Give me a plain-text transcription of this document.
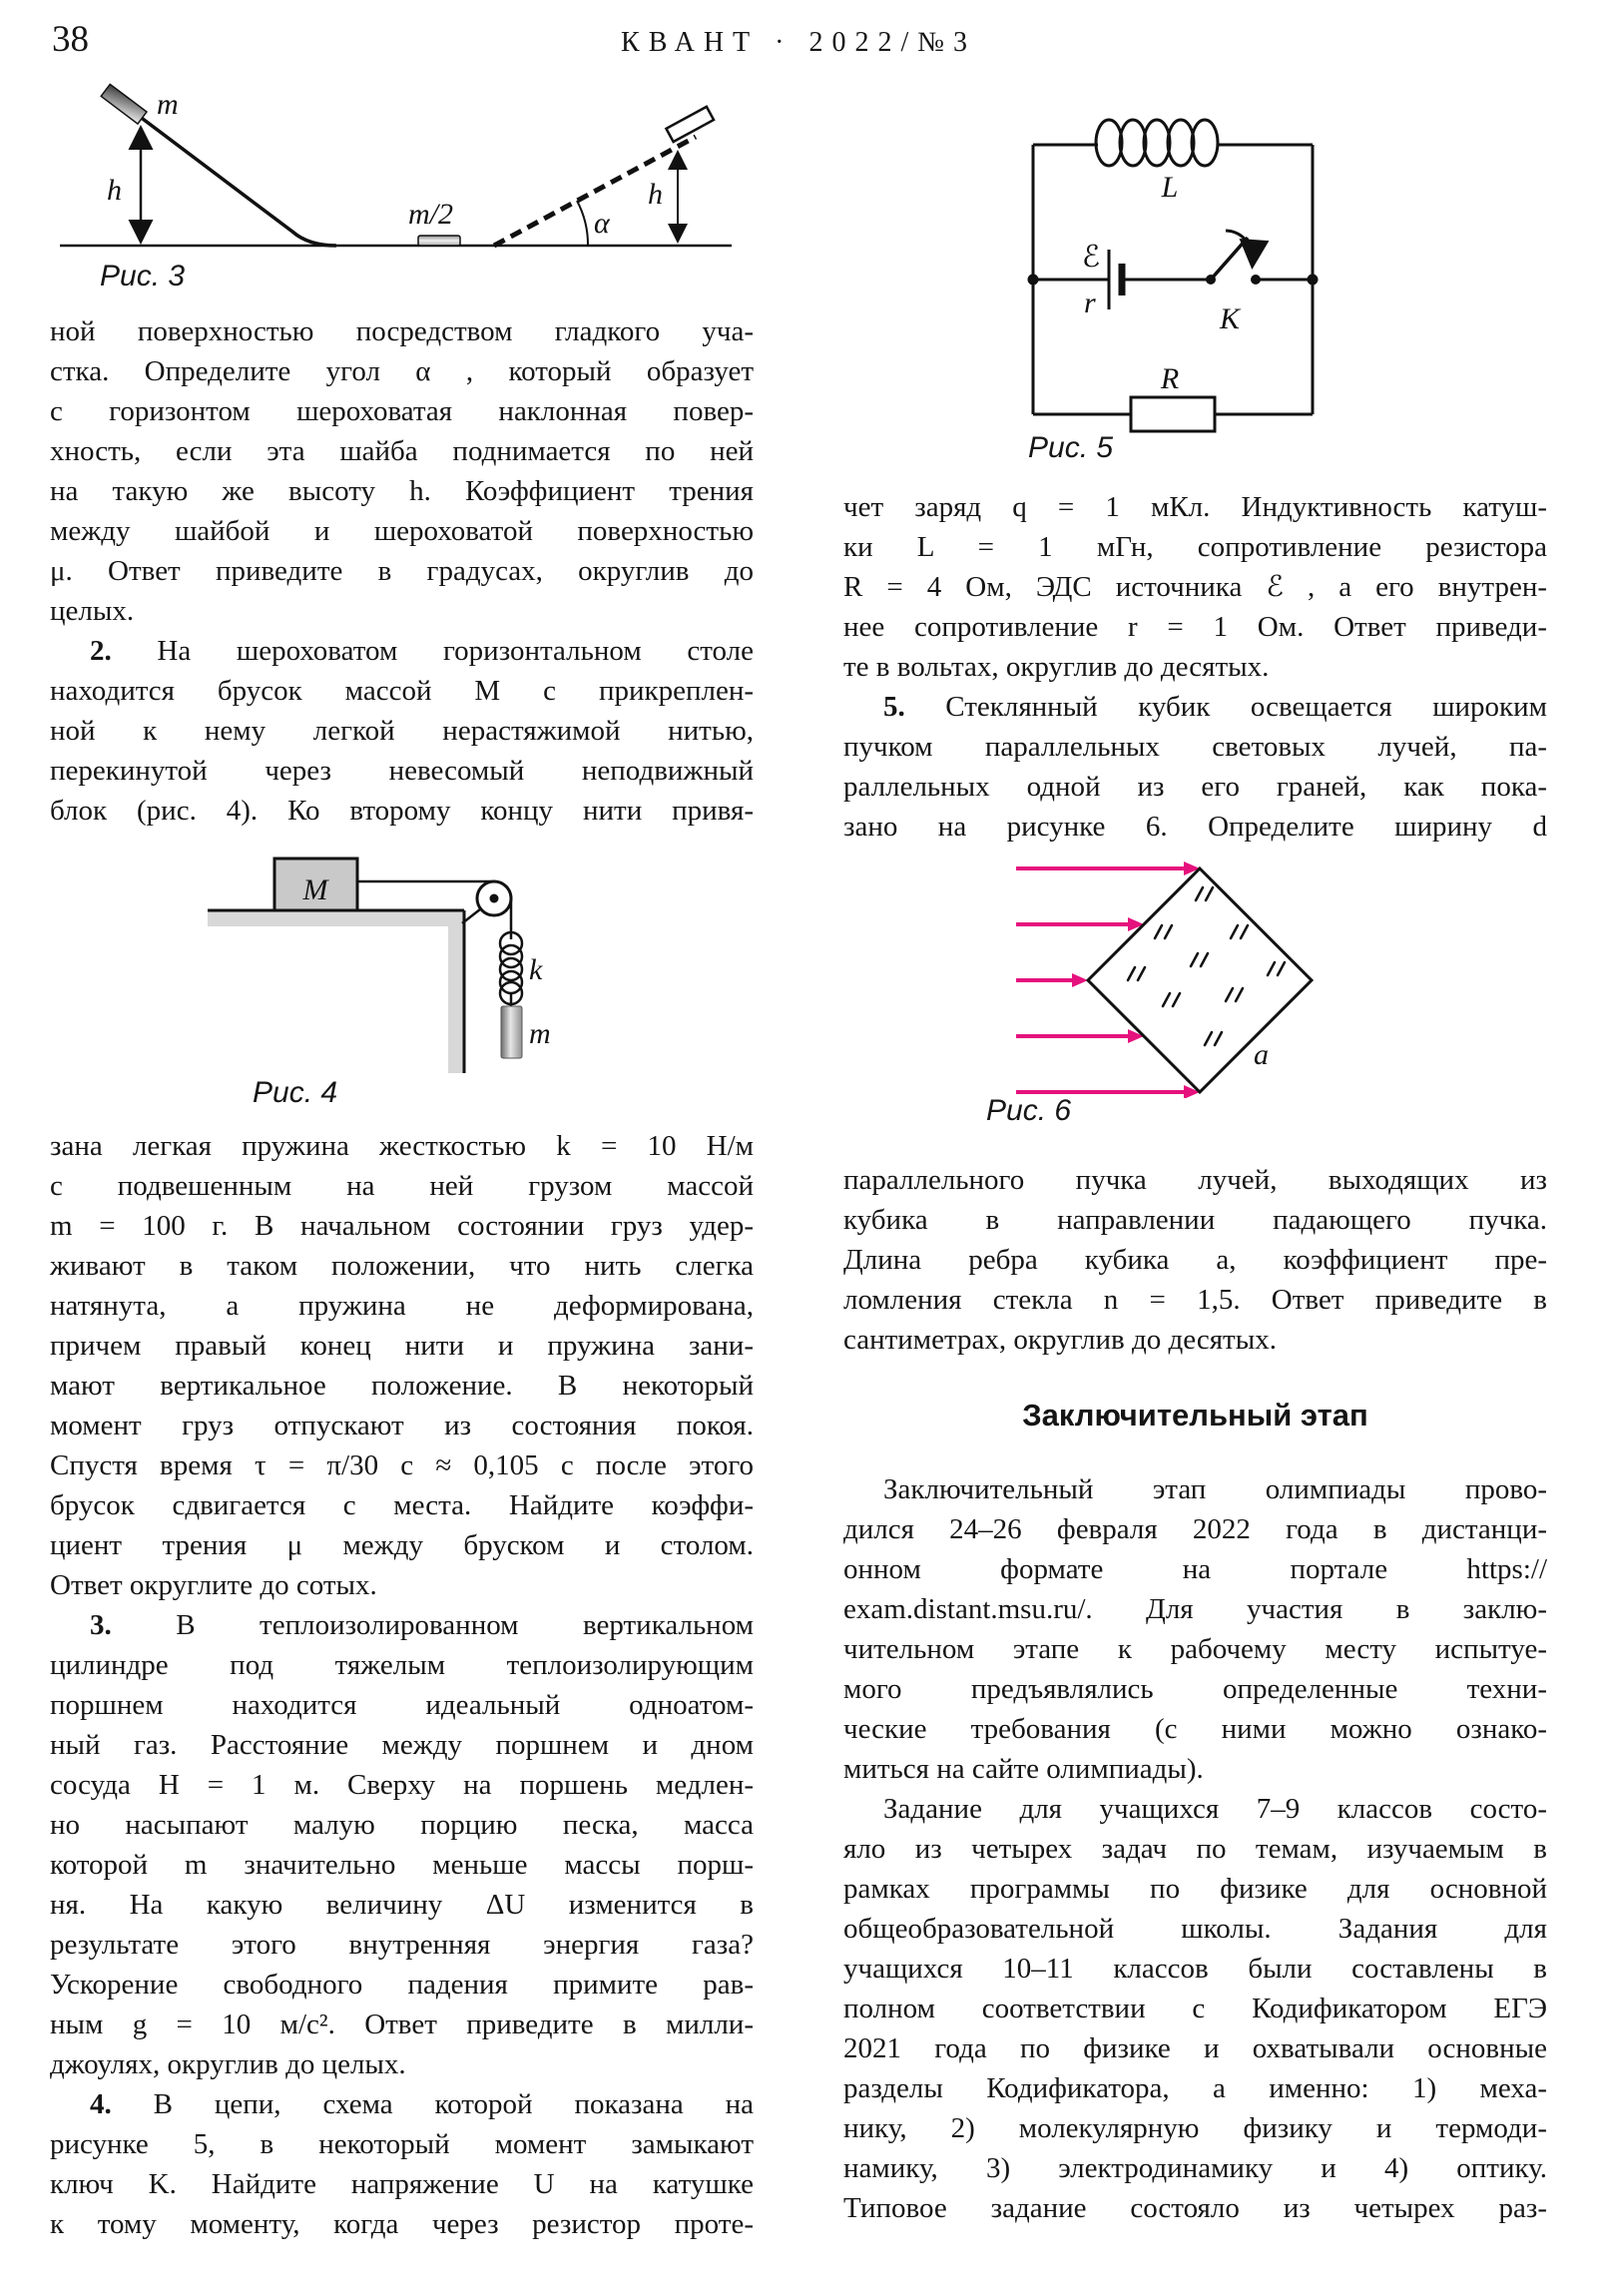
38	КВАНТ · 2022/№3
m
h
m/2
h
α
Рис. 3
ной поверхностью посредством гладкого уча-
стка. Определите угол α , который образует
с горизонтом шероховатая наклонная повер-
хность, если эта шайба поднимается по ней
на такую же высоту h. Коэффициент трения
между шайбой и шероховатой поверхностью
μ. Ответ приведите в градусах, округлив до
целых.
2. На шероховатом горизонтальном столе
находится брусок массой M с прикреплен-
ной к нему легкой нерастяжимой нитью,
перекинутой через невесомый неподвижный
блок (рис. 4). Ко второму концу нити привя-
M
k
m
Рис. 4
зана легкая пружина жесткостью k = 10 Н/м
с подвешенным на ней грузом массой
m = 100 г. В начальном состоянии груз удер-
живают в таком положении, что нить слегка
натянута, а пружина не деформирована,
причем правый конец нити и пружина зани-
мают вертикальное положение. В некоторый
момент груз отпускают из состояния покоя.
Спустя время τ = π/30 с ≈ 0,105 с после этого
брусок сдвигается с места. Найдите коэффи-
циент трения μ между бруском и столом.
Ответ округлите до сотых.
3. В теплоизолированном вертикальном
цилиндре под тяжелым теплоизолирующим
поршнем находится идеальный одноатом-
ный газ. Расстояние между поршнем и дном
сосуда H = 1 м. Сверху на поршень медлен-
но насыпают малую порцию песка, масса
которой m значительно меньше массы порш-
ня. На какую величину ΔU изменится в
результате этого внутренняя энергия газа?
Ускорение свободного падения примите рав-
ным g = 10 м/с². Ответ приведите в милли-
джоулях, округлив до целых.
4. В цепи, схема которой показана на
рисунке 5, в некоторый момент замыкают
ключ K. Найдите напряжение U на катушке
к тому моменту, когда через резистор проте-
L
ℰ
r	K
R
Рис. 5
чет заряд q = 1 мКл. Индуктивность катуш-
ки L = 1 мГн, сопротивление резистора
R = 4 Ом, ЭДС источника ℰ , а его внутрен-
нее сопротивление r = 1 Ом. Ответ приведи-
те в вольтах, округлив до десятых.
5. Стеклянный кубик освещается широким
пучком параллельных световых лучей, па-
раллельных одной из его граней, как пока-
зано на рисунке 6. Определите ширину d
a
Рис. 6
параллельного пучка лучей, выходящих из
кубика в направлении падающего пучка.
Длина ребра кубика a, коэффициент пре-
ломления стекла n = 1,5. Ответ приведите в
сантиметрах, округлив до десятых.
Заключительный этап
Заключительный этап олимпиады прово-
дился 24–26 февраля 2022 года в дистанци-
онном формате на портале https://
exam.distant.msu.ru/. Для участия в заклю-
чительном этапе к рабочему месту испытуе-
мого предъявлялись определенные техни-
ческие требования (с ними можно ознако-
миться на сайте олимпиады).
Задание для учащихся 7–9 классов состо-
яло из четырех задач по темам, изучаемым в
рамках программы по физике для основной
общеобразовательной школы. Задания для
учащихся 10–11 классов были составлены в
полном соответствии с Кодификатором ЕГЭ
2021 года по физике и охватывали основные
разделы Кодификатора, а именно: 1) меха-
нику, 2) молекулярную физику и термоди-
намику, 3) электродинамику и 4) оптику.
Типовое задание состояло из четырех раз-
